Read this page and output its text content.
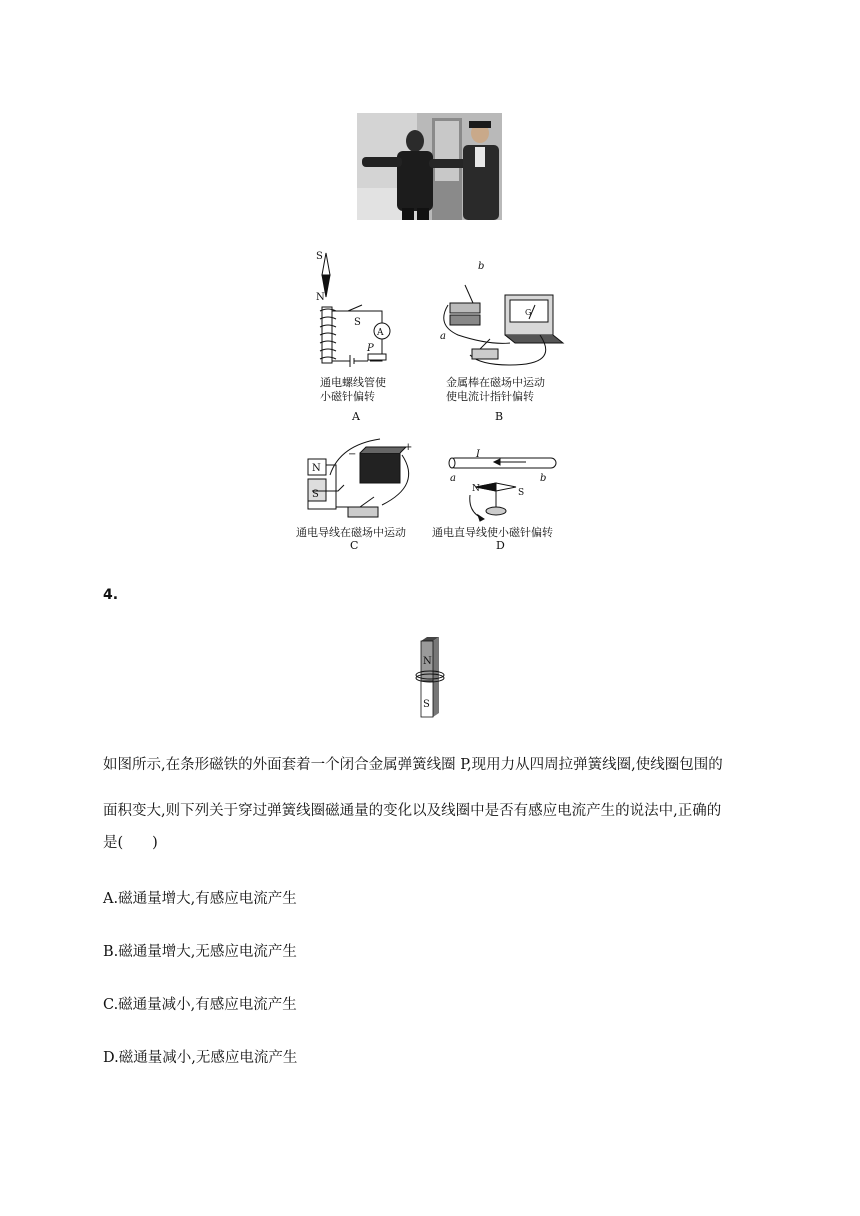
S
N
A
S
P
b
a
G
通电螺线管使
小磁针偏转
A
金属棒在磁场中运动
使电流计指针偏转
B
N
S
+
−	I
a	b
N	S
通电导线在磁场中运动
C
通电直导线使小磁针偏转
D
4.
N
S
如图所示,在条形磁铁的外面套着一个闭合金属弹簧线圈 P,现用力从四周拉弹簧线圈,使线圈包围的
面积变大,则下列关于穿过弹簧线圈磁通量的变化以及线圈中是否有感应电流产生的说法中,正确的
是(　　)
A.磁通量增大,有感应电流产生
B.磁通量增大,无感应电流产生
C.磁通量减小,有感应电流产生
D.磁通量减小,无感应电流产生
